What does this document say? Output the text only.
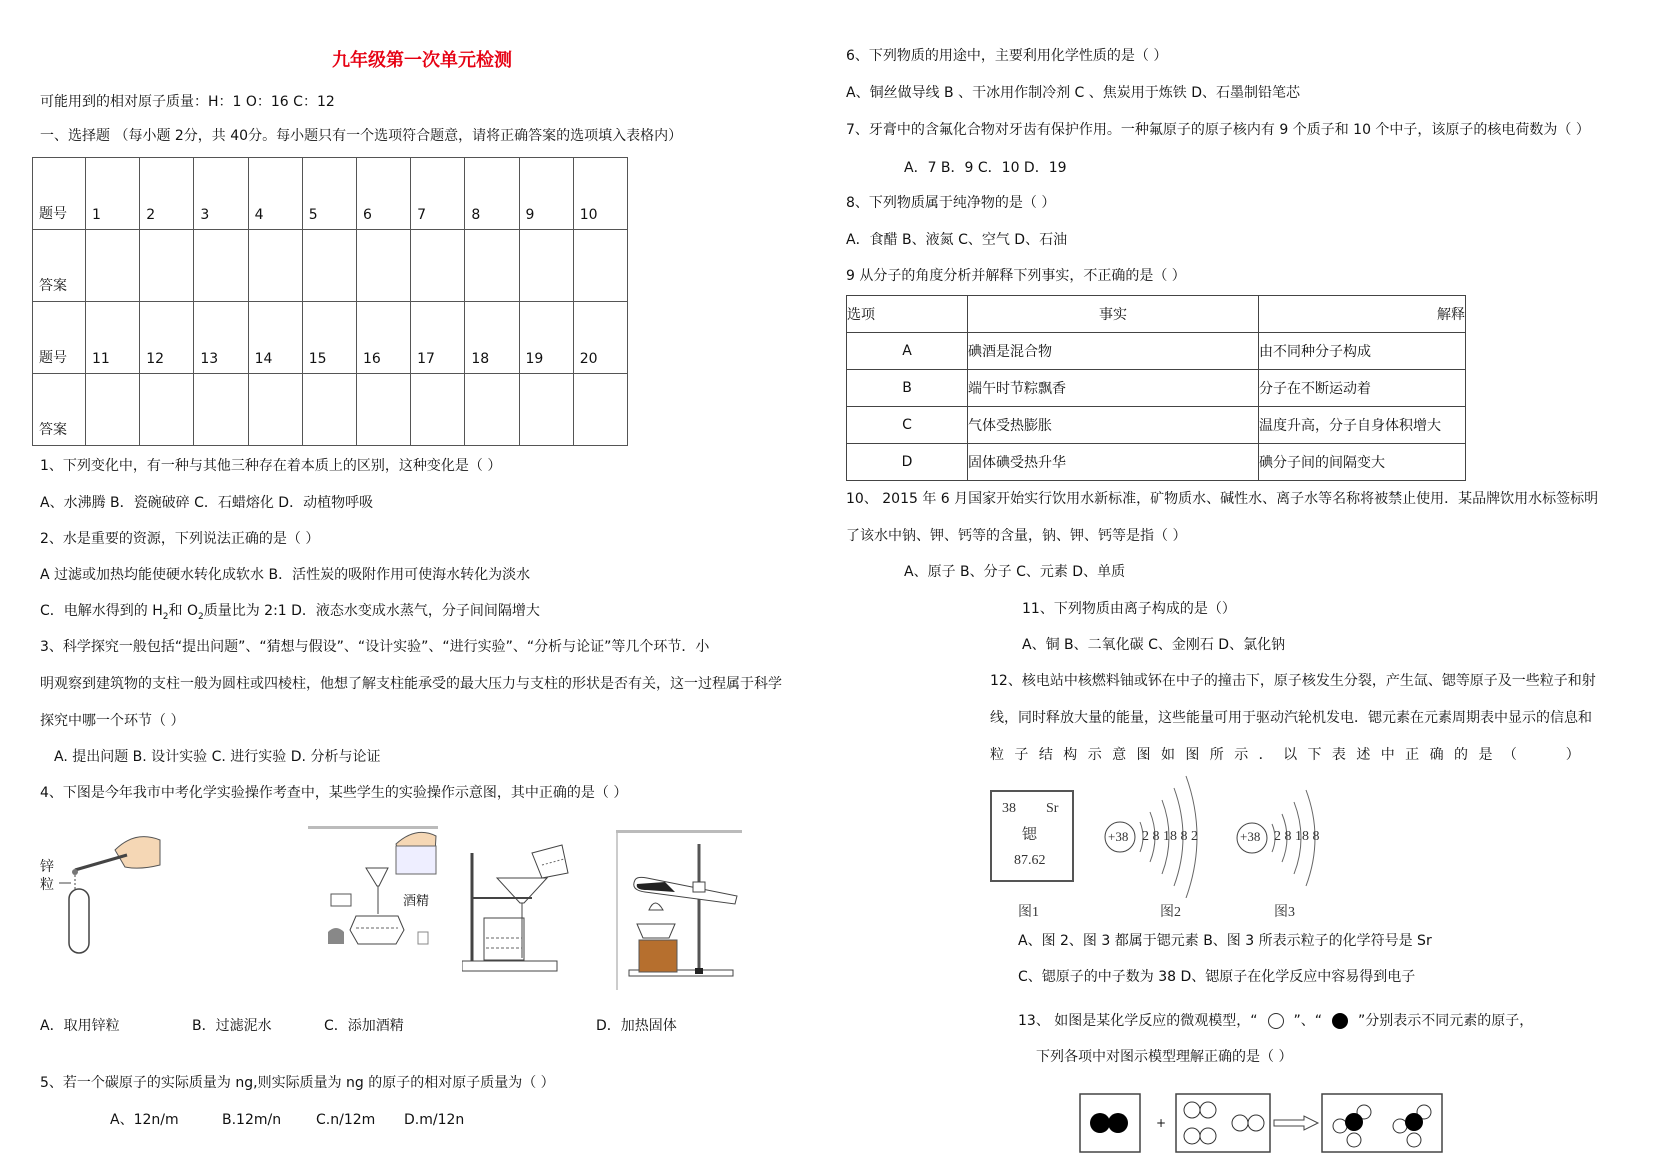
九年级第一次单元检测
可能用到的相对原子质量：H：1 O：16 C：12
一、选择题 （每小题 2分，共 40分。每小题只有一个选项符合题意，请将正确答案的选项填入表格内）
题号	1	2	3	4	5	6	7	8	9	10
答案										
题号	11	12	13	14	15	16	17	18	19	20
答案										
1、下列变化中，有一种与其他三种存在着本质上的区别，这种变化是（ ）
A、水沸腾 B．瓷碗破碎 C．石蜡熔化 D．动植物呼吸
2、水是重要的资源，下列说法正确的是（ ）
A 过滤或加热均能使硬水转化成软水 B．活性炭的吸附作用可使海水转化为淡水
C．电解水得到的 $H_2$和 $O_2$质量比为 2:1 D．液态水变成水蒸气，分子间间隔增大
3、科学探究一般包括“提出问题”、“猜想与假设”、“设计实验”、“进行实验”、“分析与论证”等几个环节．小
明观察到建筑物的支柱一般为圆柱或四棱柱，他想了解支柱能承受的最大压力与支柱的形状是否有关，这一过程属于科学
探究中哪一个环节（ ）
A. 提出问题 B. 设计实验 C. 进行实验 D. 分析与论证
4、下图是今年我市中考化学实验操作考查中，某些学生的实验操作示意图，其中正确的是（ ）
锌
粒
酒精
A．取用锌粒	B．过滤泥水	C．添加酒精	D．加热固体
5、若一个碳原子的实际质量为 ng,则实际质量为 ng 的原子的相对原子质量为（ ）
A、12n/m	B.12m/n C.n/12m D.m/12n
6、下列物质的用途中，主要利用化学性质的是（ ）
A、铜丝做导线 B 、干冰用作制冷剂 C 、焦炭用于炼铁 D、石墨制铅笔芯
7、牙膏中的含氟化合物对牙齿有保护作用。一种氟原子的原子核内有 9 个质子和 10 个中子，该原子的核电荷数为（ ）
A．7 B．9 C．10 D．19
8、下列物质属于纯净物的是（ ）
A．食醋 B、液氮 C、空气 D、石油
9 从分子的角度分析并解释下列事实，不正确的是（ ）
选项	事实	解释
A	碘酒是混合物	由不同种分子构成
B	端午时节粽飘香	分子在不断运动着
C	气体受热膨胀	温度升高，分子自身体积增大
D	固体碘受热升华	碘分子间的间隔变大
10、 2015 年 6 月国家开始实行饮用水新标准，矿物质水、碱性水、离子水等名称将被禁止使用．某品牌饮用水标签标明
了该水中钠、钾、钙等的含量，钠、钾、钙等是指（ ）
A、原子 B、分子 C、元素 D、单质
11、下列物质由离子构成的是（）
A、铜 B、二氧化碳 C、金刚石 D、氯化钠
12、核电站中核燃料铀或钚在中子的撞击下，原子核发生分裂，产生氙、锶等原子及一些粒子和射
线，同时释放大量的能量，这些能量可用于驱动汽轮机发电．锶元素在元素周期表中显示的信息和
粒 子 结 构 示 意 图 如 图 所 示 ． 以 下 表 述 中 正 确 的 是 （
　　	）
38 Sr
锶
87.62
+38 2 8 18 8 2	+38 2 8 18 8
图1	图2	图3
A、图 2、图 3 都属于锶元素 B、图 3 所表示粒子的化学符号是 Sr
C、锶原子的中子数为 38 D、锶原子在化学反应中容易得到电子
13、 如图是某化学反应的微观模型，“	”、“	”分别表示不同元素的原子，
下列各项中对图示模型理解正确的是（ ）
+
